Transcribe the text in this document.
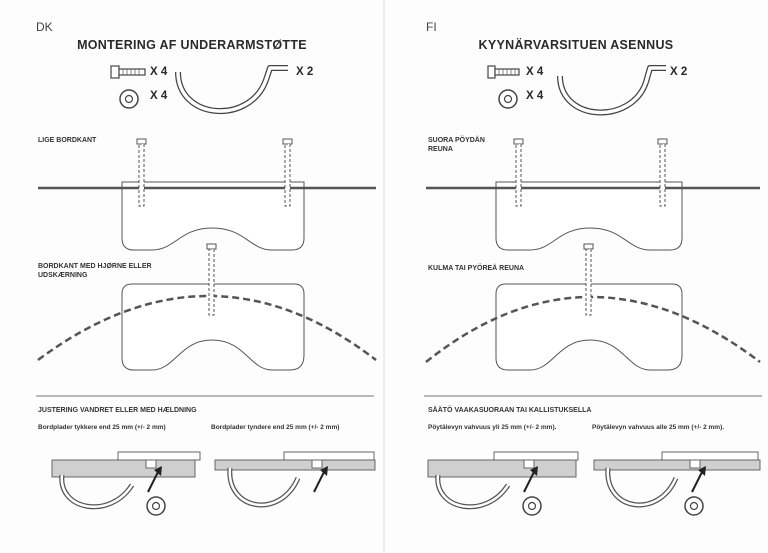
DK
MONTERING AF UNDERARMSTØTTE
X 4
X 4
X 2
LIGE BORDKANT
BORDKANT MED HJØRNE ELLER UDSKÆRNING
JUSTERING VANDRET ELLER MED HÆLDNING
Bordplader tykkere end 25 mm (+/- 2 mm)	Bordplader tyndere end 25 mm (+/- 2 mm)
FI
KYYNÄRVARSITUEN ASENNUS
X 4
X 4
X 2
SUORA PÖYDÄN REUNA
KULMA TAI PYÖREÄ REUNA
SÄÄTÖ VAAKASUORAAN TAI KALLISTUKSELLA
Pöytälevyn vahvuus yli 25 mm (+/- 2 mm).	Pöytälevyn vahvuus alle 25 mm (+/- 2 mm).
